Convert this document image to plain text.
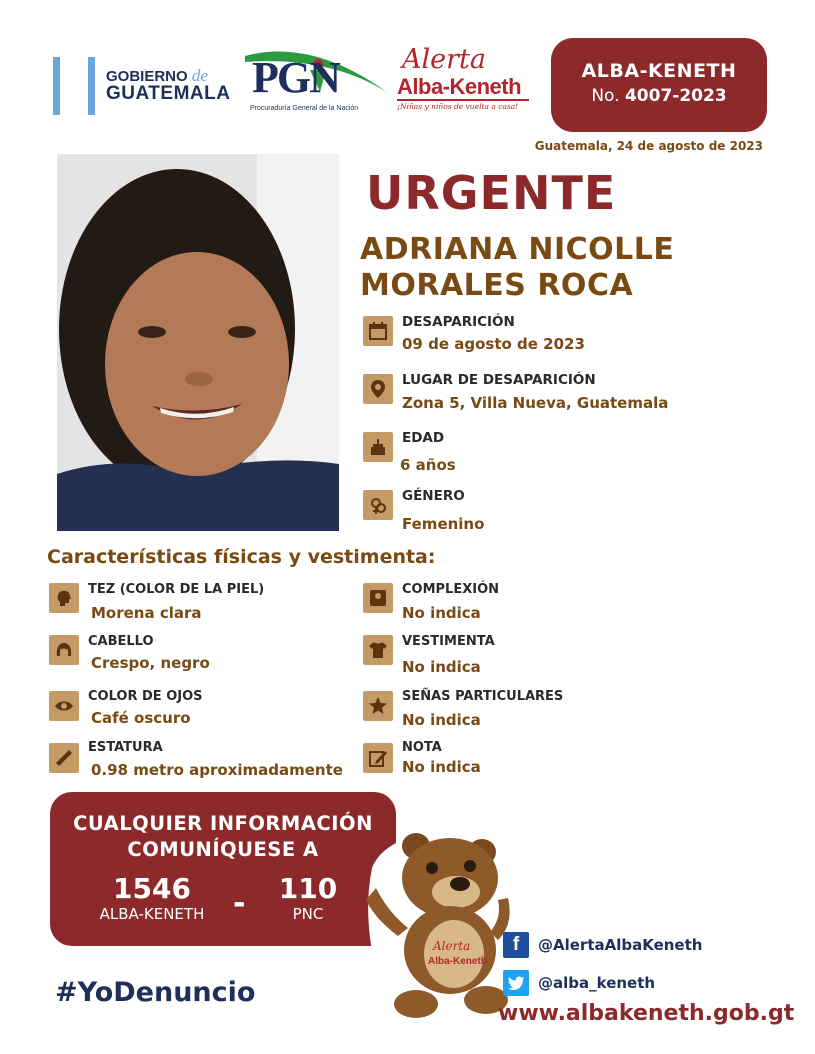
GOBIERNO de
GUATEMALA PGN
Procuraduría General de la Nación
Alerta
Alba-Keneth
¡Niñas y niños de vuelta a casa!
ALBA-KENETH
No. 4007-2023
Guatemala, 24 de agosto de 2023
URGENTE
ADRIANA NICOLLE
MORALES ROCA
DESAPARICIÓN
09 de agosto de 2023
LUGAR DE DESAPARICIÓN
Zona 5, Villa Nueva, Guatemala
EDAD
6 años
GÉNERO
Femenino
Características físicas y vestimenta:
TEZ (COLOR DE LA PIEL)
Morena clara
CABELLO
Crespo, negro
COLOR DE OJOS
Café oscuro
ESTATURA
0.98 metro aproximadamente
COMPLEXIÓN
No indica
VESTIMENTA
No indica
SEÑAS PARTICULARES
No indica
NOTA
No indica
CUALQUIER INFORMACIÓN
COMUNÍQUESE A
1546
ALBA-KENETH -	110
PNC
Alerta
Alba-Keneth
#YoDenuncio
f	@AlertaAlbaKeneth
@alba_keneth
www.albakeneth.gob.gt
